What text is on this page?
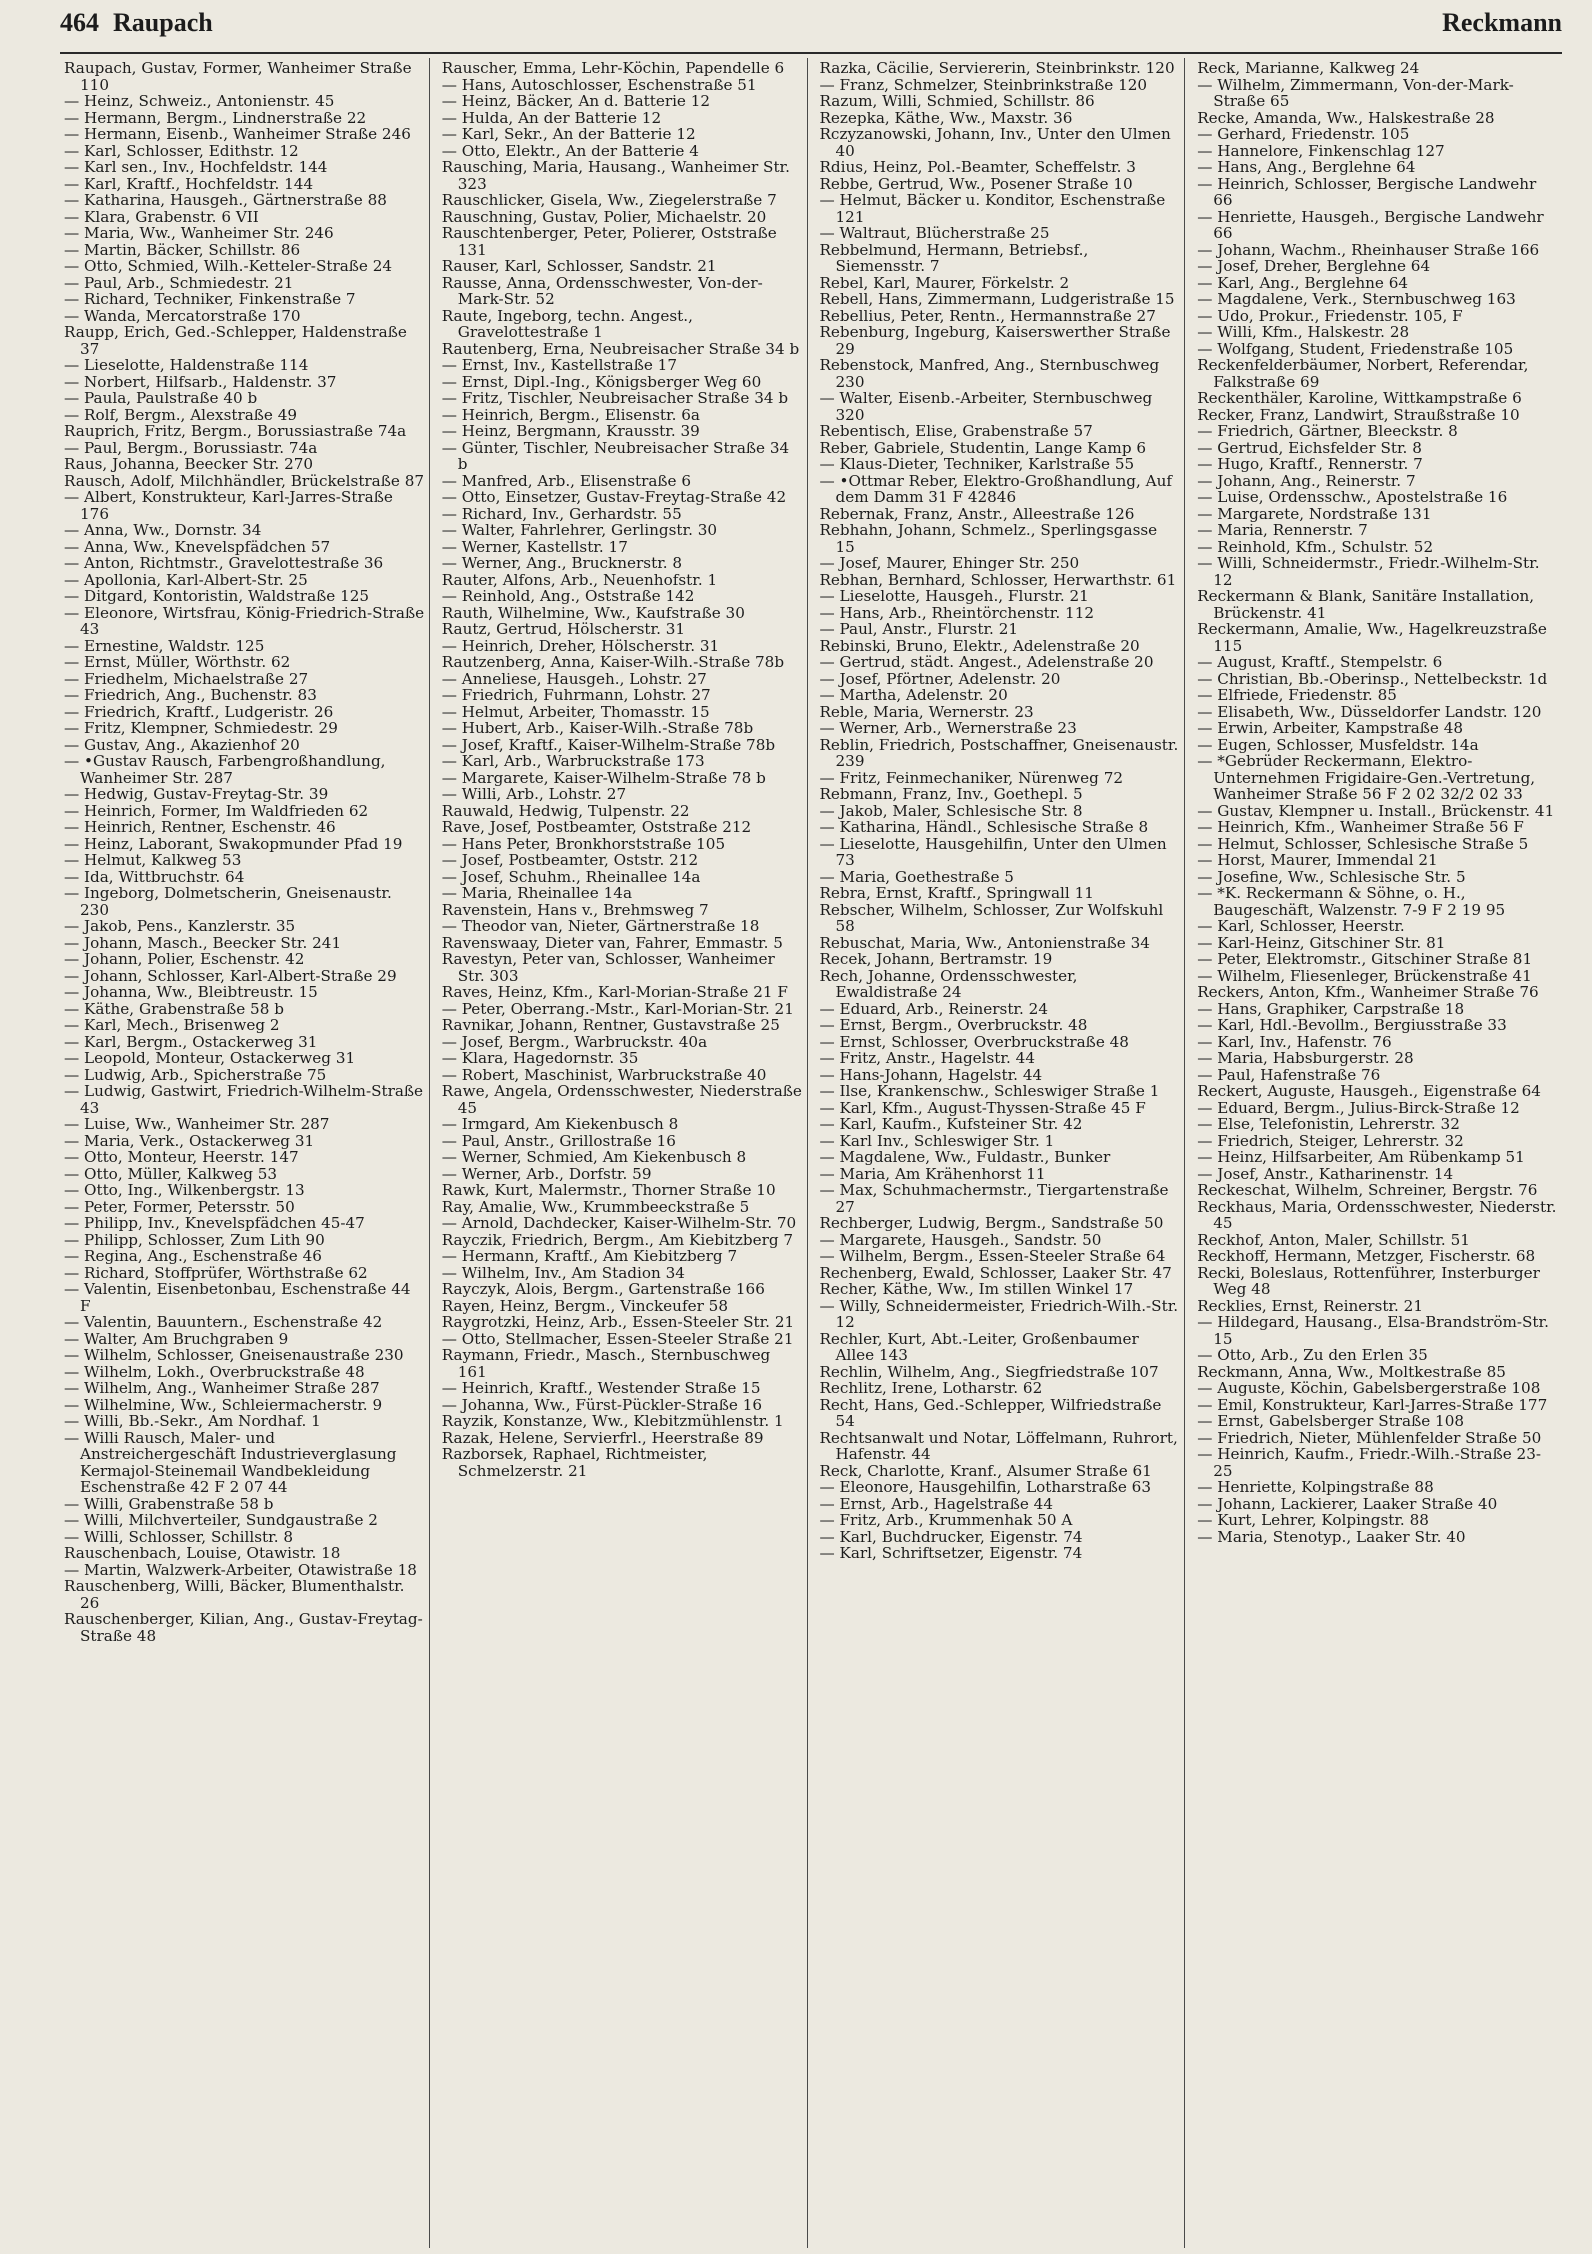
464 Raupach	Reckmann
Raupach, Gustav, Former, Wanheimer Straße 110
— Heinz, Schweiz., Antonienstr. 45
— Hermann, Bergm., Lindnerstraße 22
— Hermann, Eisenb., Wanheimer Straße 246
— Karl, Schlosser, Edithstr. 12
— Karl sen., Inv., Hochfeldstr. 144
— Karl, Kraftf., Hochfeldstr. 144
— Katharina, Hausgeh., Gärtnerstraße 88
— Klara, Grabenstr. 6 VII
— Maria, Ww., Wanheimer Str. 246
— Martin, Bäcker, Schillstr. 86
— Otto, Schmied, Wilh.-Ketteler-Straße 24
— Paul, Arb., Schmiedestr. 21
— Richard, Techniker, Finkenstraße 7
— Wanda, Mercatorstraße 170
Raupp, Erich, Ged.-Schlepper, Haldenstraße 37
— Lieselotte, Haldenstraße 114
— Norbert, Hilfsarb., Haldenstr. 37
— Paula, Paulstraße 40 b
— Rolf, Bergm., Alexstraße 49
Rauprich, Fritz, Bergm., Borussiastraße 74a
— Paul, Bergm., Borussiastr. 74a
Raus, Johanna, Beecker Str. 270
Rausch, Adolf, Milchhändler, Brückelstraße 87
— Albert, Konstrukteur, Karl-Jarres-Straße 176
— Anna, Ww., Dornstr. 34
— Anna, Ww., Knevelspfädchen 57
— Anton, Richtmstr., Gravelottestraße 36
— Apollonia, Karl-Albert-Str. 25
— Ditgard, Kontoristin, Waldstraße 125
— Eleonore, Wirtsfrau, König-Friedrich-Straße 43
— Ernestine, Waldstr. 125
— Ernst, Müller, Wörthstr. 62
— Friedhelm, Michaelstraße 27
— Friedrich, Ang., Buchenstr. 83
— Friedrich, Kraftf., Ludgeristr. 26
— Fritz, Klempner, Schmiedestr. 29
— Gustav, Ang., Akazienhof 20
— •Gustav Rausch, Farbengroßhandlung, Wanheimer Str. 287
— Hedwig, Gustav-Freytag-Str. 39
— Heinrich, Former, Im Waldfrieden 62
— Heinrich, Rentner, Eschenstr. 46
— Heinz, Laborant, Swakopmunder Pfad 19
— Helmut, Kalkweg 53
— Ida, Wittbruchstr. 64
— Ingeborg, Dolmetscherin, Gneisenaustr. 230
— Jakob, Pens., Kanzlerstr. 35
— Johann, Masch., Beecker Str. 241
— Johann, Polier, Eschenstr. 42
— Johann, Schlosser, Karl-Albert-Straße 29
— Johanna, Ww., Bleibtreustr. 15
— Käthe, Grabenstraße 58 b
— Karl, Mech., Brisenweg 2
— Karl, Bergm., Ostackerweg 31
— Leopold, Monteur, Ostackerweg 31
— Ludwig, Arb., Spicherstraße 75
— Ludwig, Gastwirt, Friedrich-Wilhelm-Straße 43
— Luise, Ww., Wanheimer Str. 287
— Maria, Verk., Ostackerweg 31
— Otto, Monteur, Heerstr. 147
— Otto, Müller, Kalkweg 53
— Otto, Ing., Wilkenbergstr. 13
— Peter, Former, Petersstr. 50
— Philipp, Inv., Knevelspfädchen 45-47
— Philipp, Schlosser, Zum Lith 90
— Regina, Ang., Eschenstraße 46
— Richard, Stoffprüfer, Wörthstraße 62
— Valentin, Eisenbetonbau, Eschenstraße 44 F
— Valentin, Bauuntern., Eschenstraße 42
— Walter, Am Bruchgraben 9
— Wilhelm, Schlosser, Gneisenaustraße 230
— Wilhelm, Lokh., Overbruckstraße 48
— Wilhelm, Ang., Wanheimer Straße 287
— Wilhelmine, Ww., Schleiermacherstr. 9
— Willi, Bb.-Sekr., Am Nordhaf. 1
— Willi Rausch, Maler- und Anstreichergeschäft Industrieverglasung Kermajol-Steinemail Wandbekleidung Eschenstraße 42 F 2 07 44
— Willi, Grabenstraße 58 b
— Willi, Milchverteiler, Sundgaustraße 2
— Willi, Schlosser, Schillstr. 8
Rauschenbach, Louise, Otawistr. 18
— Martin, Walzwerk-Arbeiter, Otawistraße 18
Rauschenberg, Willi, Bäcker, Blumenthalstr. 26
Rauschenberger, Kilian, Ang., Gustav-Freytag-Straße 48
Rauscher, Emma, Lehr-Köchin, Papendelle 6
— Hans, Autoschlosser, Eschenstraße 51
— Heinz, Bäcker, An d. Batterie 12
— Hulda, An der Batterie 12
— Karl, Sekr., An der Batterie 12
— Otto, Elektr., An der Batterie 4
Rausching, Maria, Hausang., Wanheimer Str. 323
Rauschlicker, Gisela, Ww., Ziegelerstraße 7
Rauschning, Gustav, Polier, Michaelstr. 20
Rauschtenberger, Peter, Polierer, Oststraße 131
Rauser, Karl, Schlosser, Sandstr. 21
Rausse, Anna, Ordensschwester, Von-der-Mark-Str. 52
Raute, Ingeborg, techn. Angest., Gravelottestraße 1
Rautenberg, Erna, Neubreisacher Straße 34 b
— Ernst, Inv., Kastellstraße 17
— Ernst, Dipl.-Ing., Königsberger Weg 60
— Fritz, Tischler, Neubreisacher Straße 34 b
— Heinrich, Bergm., Elisenstr. 6a
— Heinz, Bergmann, Krausstr. 39
— Günter, Tischler, Neubreisacher Straße 34 b
— Manfred, Arb., Elisenstraße 6
— Otto, Einsetzer, Gustav-Freytag-Straße 42
— Richard, Inv., Gerhardstr. 55
— Walter, Fahrlehrer, Gerlingstr. 30
— Werner, Kastellstr. 17
— Werner, Ang., Brucknerstr. 8
Rauter, Alfons, Arb., Neuenhofstr. 1
— Reinhold, Ang., Oststraße 142
Rauth, Wilhelmine, Ww., Kaufstraße 30
Rautz, Gertrud, Hölscherstr. 31
— Heinrich, Dreher, Hölscherstr. 31
Rautzenberg, Anna, Kaiser-Wilh.-Straße 78b
— Anneliese, Hausgeh., Lohstr. 27
— Friedrich, Fuhrmann, Lohstr. 27
— Helmut, Arbeiter, Thomasstr. 15
— Hubert, Arb., Kaiser-Wilh.-Straße 78b
— Josef, Kraftf., Kaiser-Wilhelm-Straße 78b
— Karl, Arb., Warbruckstraße 173
— Margarete, Kaiser-Wilhelm-Straße 78 b
— Willi, Arb., Lohstr. 27
Rauwald, Hedwig, Tulpenstr. 22
Rave, Josef, Postbeamter, Oststraße 212
— Hans Peter, Bronkhorststraße 105
— Josef, Postbeamter, Oststr. 212
— Josef, Schuhm., Rheinallee 14a
— Maria, Rheinallee 14a
Ravenstein, Hans v., Brehmsweg 7
— Theodor van, Nieter, Gärtnerstraße 18
Ravenswaay, Dieter van, Fahrer, Emmastr. 5
Ravestyn, Peter van, Schlosser, Wanheimer Str. 303
Raves, Heinz, Kfm., Karl-Morian-Straße 21 F
— Peter, Oberrang.-Mstr., Karl-Morian-Str. 21
Ravnikar, Johann, Rentner, Gustavstraße 25
— Josef, Bergm., Warbruckstr. 40a
— Klara, Hagedornstr. 35
— Robert, Maschinist, Warbruckstraße 40
Rawe, Angela, Ordensschwester, Niederstraße 45
— Irmgard, Am Kiekenbusch 8
— Paul, Anstr., Grillostraße 16
— Werner, Schmied, Am Kiekenbusch 8
— Werner, Arb., Dorfstr. 59
Rawk, Kurt, Malermstr., Thorner Straße 10
Ray, Amalie, Ww., Krummbeeckstraße 5
— Arnold, Dachdecker, Kaiser-Wilhelm-Str. 70
Rayczik, Friedrich, Bergm., Am Kiebitzberg 7
— Hermann, Kraftf., Am Kiebitzberg 7
— Wilhelm, Inv., Am Stadion 34
Rayczyk, Alois, Bergm., Gartenstraße 166
Rayen, Heinz, Bergm., Vinckeufer 58
Raygrotzki, Heinz, Arb., Essen-Steeler Str. 21
— Otto, Stellmacher, Essen-Steeler Straße 21
Raymann, Friedr., Masch., Sternbuschweg 161
— Heinrich, Kraftf., Westender Straße 15
— Johanna, Ww., Fürst-Pückler-Straße 16
Rayzik, Konstanze, Ww., Klebitzmühlenstr. 1
Razak, Helene, Servierfrl., Heerstraße 89
Razborsek, Raphael, Richtmeister, Schmelzerstr. 21
Razka, Cäcilie, Serviererin, Steinbrinkstr. 120
— Franz, Schmelzer, Steinbrinkstraße 120
Razum, Willi, Schmied, Schillstr. 86
Rezepka, Käthe, Ww., Maxstr. 36
Rczyzanowski, Johann, Inv., Unter den Ulmen 40
Rdius, Heinz, Pol.-Beamter, Scheffelstr. 3
Rebbe, Gertrud, Ww., Posener Straße 10
— Helmut, Bäcker u. Konditor, Eschenstraße 121
— Waltraut, Blücherstraße 25
Rebbelmund, Hermann, Betriebsf., Siemensstr. 7
Rebel, Karl, Maurer, Förkelstr. 2
Rebell, Hans, Zimmermann, Ludgeristraße 15
Rebellius, Peter, Rentn., Hermannstraße 27
Rebenburg, Ingeburg, Kaiserswerther Straße 29
Rebenstock, Manfred, Ang., Sternbuschweg 230
— Walter, Eisenb.-Arbeiter, Sternbuschweg 320
Rebentisch, Elise, Grabenstraße 57
Reber, Gabriele, Studentin, Lange Kamp 6
— Klaus-Dieter, Techniker, Karlstraße 55
— •Ottmar Reber, Elektro-Großhandlung, Auf dem Damm 31 F 42846
Rebernak, Franz, Anstr., Alleestraße 126
Rebhahn, Johann, Schmelz., Sperlingsgasse 15
— Josef, Maurer, Ehinger Str. 250
Rebhan, Bernhard, Schlosser, Herwarthstr. 61
— Lieselotte, Hausgeh., Flurstr. 21
— Hans, Arb., Rheintörchenstr. 112
— Paul, Anstr., Flurstr. 21
Rebinski, Bruno, Elektr., Adelenstraße 20
— Gertrud, städt. Angest., Adelenstraße 20
— Josef, Pförtner, Adelenstr. 20
— Martha, Adelenstr. 20
Reble, Maria, Wernerstr. 23
— Werner, Arb., Wernerstraße 23
Reblin, Friedrich, Postschaffner, Gneisenaustr. 239
— Fritz, Feinmechaniker, Nürenweg 72
Rebmann, Franz, Inv., Goethepl. 5
— Jakob, Maler, Schlesische Str. 8
— Katharina, Händl., Schlesische Straße 8
— Lieselotte, Hausgehilfin, Unter den Ulmen 73
— Maria, Goethestraße 5
Rebra, Ernst, Kraftf., Springwall 11
Rebscher, Wilhelm, Schlosser, Zur Wolfskuhl 58
Rebuschat, Maria, Ww., Antonienstraße 34
Recek, Johann, Bertramstr. 19
Rech, Johanne, Ordensschwester, Ewaldistraße 24
— Eduard, Arb., Reinerstr. 24
— Ernst, Bergm., Overbruckstr. 48
— Ernst, Schlosser, Overbruckstraße 48
— Fritz, Anstr., Hagelstr. 44
— Hans-Johann, Hagelstr. 44
— Ilse, Krankenschw., Schleswiger Straße 1
— Karl, Kfm., August-Thyssen-Straße 45 F
— Karl, Kaufm., Kufsteiner Str. 42
— Karl Inv., Schleswiger Str. 1
— Magdalene, Ww., Fuldastr., Bunker
— Maria, Am Krähenhorst 11
— Max, Schuhmachermstr., Tiergartenstraße 27
Rechberger, Ludwig, Bergm., Sandstraße 50
— Margarete, Hausgeh., Sandstr. 50
— Wilhelm, Bergm., Essen-Steeler Straße 64
Rechenberg, Ewald, Schlosser, Laaker Str. 47
Recher, Käthe, Ww., Im stillen Winkel 17
— Willy, Schneidermeister, Friedrich-Wilh.-Str. 12
Rechler, Kurt, Abt.-Leiter, Großenbaumer Allee 143
Rechlin, Wilhelm, Ang., Siegfriedstraße 107
Rechlitz, Irene, Lotharstr. 62
Recht, Hans, Ged.-Schlepper, Wilfriedstraße 54
Rechtsanwalt und Notar, Löffelmann, Ruhrort, Hafenstr. 44
Reck, Charlotte, Kranf., Alsumer Straße 61
— Eleonore, Hausgehilfin, Lotharstraße 63
— Ernst, Arb., Hagelstraße 44
— Fritz, Arb., Krummenhak 50 A
— Karl, Buchdrucker, Eigenstr. 74
— Karl, Schriftsetzer, Eigenstr. 74
Reck, Marianne, Kalkweg 24
— Wilhelm, Zimmermann, Von-der-Mark-Straße 65
Recke, Amanda, Ww., Halskestraße 28
— Gerhard, Friedenstr. 105
— Hannelore, Finkenschlag 127
— Hans, Ang., Berglehne 64
— Heinrich, Schlosser, Bergische Landwehr 66
— Henriette, Hausgeh., Bergische Landwehr 66
— Johann, Wachm., Rheinhauser Straße 166
— Josef, Dreher, Berglehne 64
— Karl, Ang., Berglehne 64
— Magdalene, Verk., Sternbuschweg 163
— Udo, Prokur., Friedenstr. 105, F
— Willi, Kfm., Halskestr. 28
— Wolfgang, Student, Friedenstraße 105
Reckenfelderbäumer, Norbert, Referendar, Falkstraße 69
Reckenthäler, Karoline, Wittkampstraße 6
Recker, Franz, Landwirt, Straußstraße 10
— Friedrich, Gärtner, Bleeckstr. 8
— Gertrud, Eichsfelder Str. 8
— Hugo, Kraftf., Rennerstr. 7
— Johann, Ang., Reinerstr. 7
— Luise, Ordensschw., Apostelstraße 16
— Margarete, Nordstraße 131
— Maria, Rennerstr. 7
— Reinhold, Kfm., Schulstr. 52
— Willi, Schneidermstr., Friedr.-Wilhelm-Str. 12
Reckermann & Blank, Sanitäre Installation, Brückenstr. 41
Reckermann, Amalie, Ww., Hagelkreuzstraße 115
— August, Kraftf., Stempelstr. 6
— Christian, Bb.-Oberinsp., Nettelbeckstr. 1d
— Elfriede, Friedenstr. 85
— Elisabeth, Ww., Düsseldorfer Landstr. 120
— Erwin, Arbeiter, Kampstraße 48
— Eugen, Schlosser, Musfeldstr. 14a
— *Gebrüder Reckermann, Elektro-Unternehmen Frigidaire-Gen.-Vertretung, Wanheimer Straße 56 F 2 02 32/2 02 33
— Gustav, Klempner u. Install., Brückenstr. 41
— Heinrich, Kfm., Wanheimer Straße 56 F
— Helmut, Schlosser, Schlesische Straße 5
— Horst, Maurer, Immendal 21
— Josefine, Ww., Schlesische Str. 5
— *K. Reckermann & Söhne, o. H., Baugeschäft, Walzenstr. 7-9 F 2 19 95
— Karl, Schlosser, Heerstr.
— Karl-Heinz, Gitschiner Str. 81
— Peter, Elektromstr., Gitschiner Straße 81
— Wilhelm, Fliesenleger, Brückenstraße 41
Reckers, Anton, Kfm., Wanheimer Straße 76
— Hans, Graphiker, Carpstraße 18
— Karl, Hdl.-Bevollm., Bergiusstraße 33
— Karl, Inv., Hafenstr. 76
— Maria, Habsburgerstr. 28
— Paul, Hafenstraße 76
Reckert, Auguste, Hausgeh., Eigenstraße 64
— Eduard, Bergm., Julius-Birck-Straße 12
— Else, Telefonistin, Lehrerstr. 32
— Friedrich, Steiger, Lehrerstr. 32
— Heinz, Hilfsarbeiter, Am Rübenkamp 51
— Josef, Anstr., Katharinenstr. 14
Reckeschat, Wilhelm, Schreiner, Bergstr. 76
Reckhaus, Maria, Ordensschwester, Niederstr. 45
Reckhof, Anton, Maler, Schillstr. 51
Reckhoff, Hermann, Metzger, Fischerstr. 68
Recki, Boleslaus, Rottenführer, Insterburger Weg 48
Recklies, Ernst, Reinerstr. 21
— Hildegard, Hausang., Elsa-Brandström-Str. 15
— Otto, Arb., Zu den Erlen 35
Reckmann, Anna, Ww., Moltkestraße 85
— Auguste, Köchin, Gabelsbergerstraße 108
— Emil, Konstrukteur, Karl-Jarres-Straße 177
— Ernst, Gabelsberger Straße 108
— Friedrich, Nieter, Mühlenfelder Straße 50
— Heinrich, Kaufm., Friedr.-Wilh.-Straße 23-25
— Henriette, Kolpingstraße 88
— Johann, Lackierer, Laaker Straße 40
— Kurt, Lehrer, Kolpingstr. 88
— Maria, Stenotyp., Laaker Str. 40
